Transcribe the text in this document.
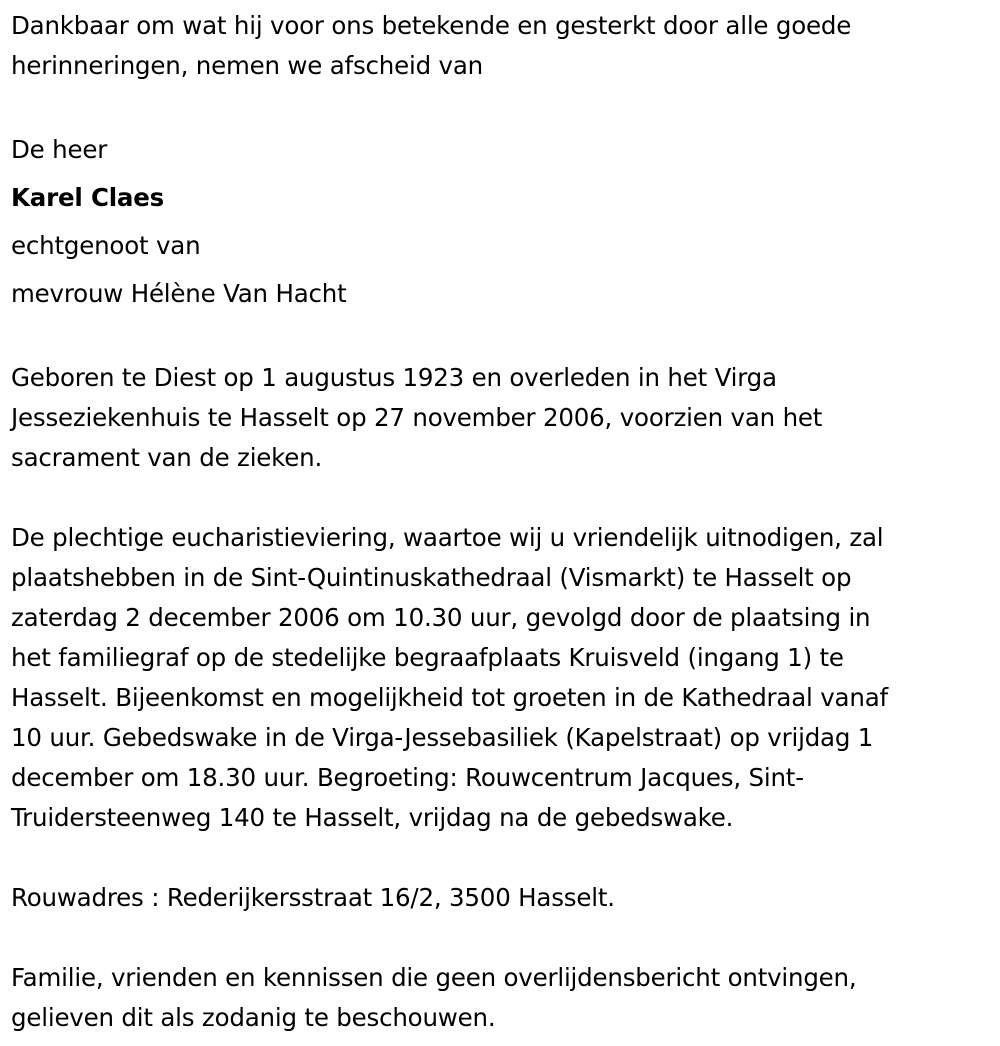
Dankbaar om wat hij voor ons betekende en gesterkt door alle goede
herinneringen, nemen we afscheid van

De heer
Karel Claes
echtgenoot van
mevrouw Hélène Van Hacht

Geboren te Diest op 1 augustus 1923 en overleden in het Virga
Jesseziekenhuis te Hasselt op 27 november 2006, voorzien van het
sacrament van de zieken.

De plechtige eucharistieviering, waartoe wij u vriendelijk uitnodigen, zal
plaatshebben in de Sint-Quintinuskathedraal (Vismarkt) te Hasselt op
zaterdag 2 december 2006 om 10.30 uur, gevolgd door de plaatsing in
het familiegraf op de stedelijke begraafplaats Kruisveld (ingang 1) te
Hasselt. Bijeenkomst en mogelijkheid tot groeten in de Kathedraal vanaf
10 uur. Gebedswake in de Virga-Jessebasiliek (Kapelstraat) op vrijdag 1
december om 18.30 uur. Begroeting: Rouwcentrum Jacques, Sint-
Truidersteenweg 140 te Hasselt, vrijdag na de gebedswake.

Rouwadres : Rederijkersstraat 16/2, 3500 Hasselt.

Familie, vrienden en kennissen die geen overlijdensbericht ontvingen,
gelieven dit als zodanig te beschouwen.
